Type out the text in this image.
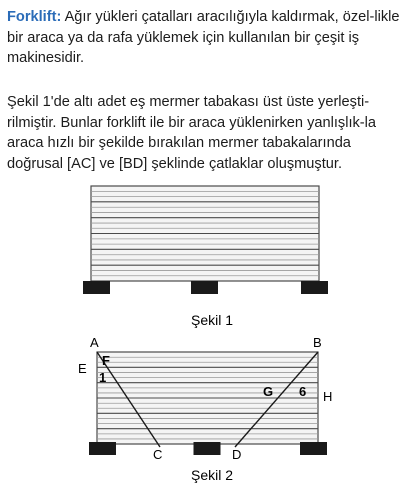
Forklift: Ağır yükleri çatalları aracılığıyla kaldırmak, özel-likle bir araca ya da rafa yüklemek için kullanılan bir çeşit iş makinesidir.

Şekil 1'de altı adet eş mermer tabakası üst üste yerleşti-rilmiştir. Bunlar forklift ile bir araca yüklenirken yanlışlık-la araca hızlı bir şekilde bırakılan mermer tabakalarında doğrusal [AC] ve [BD] şeklinde çatlaklar oluşmuştur.

Şekil 1
A	B
C	D
E
H
F
1
G 6
Şekil 2
